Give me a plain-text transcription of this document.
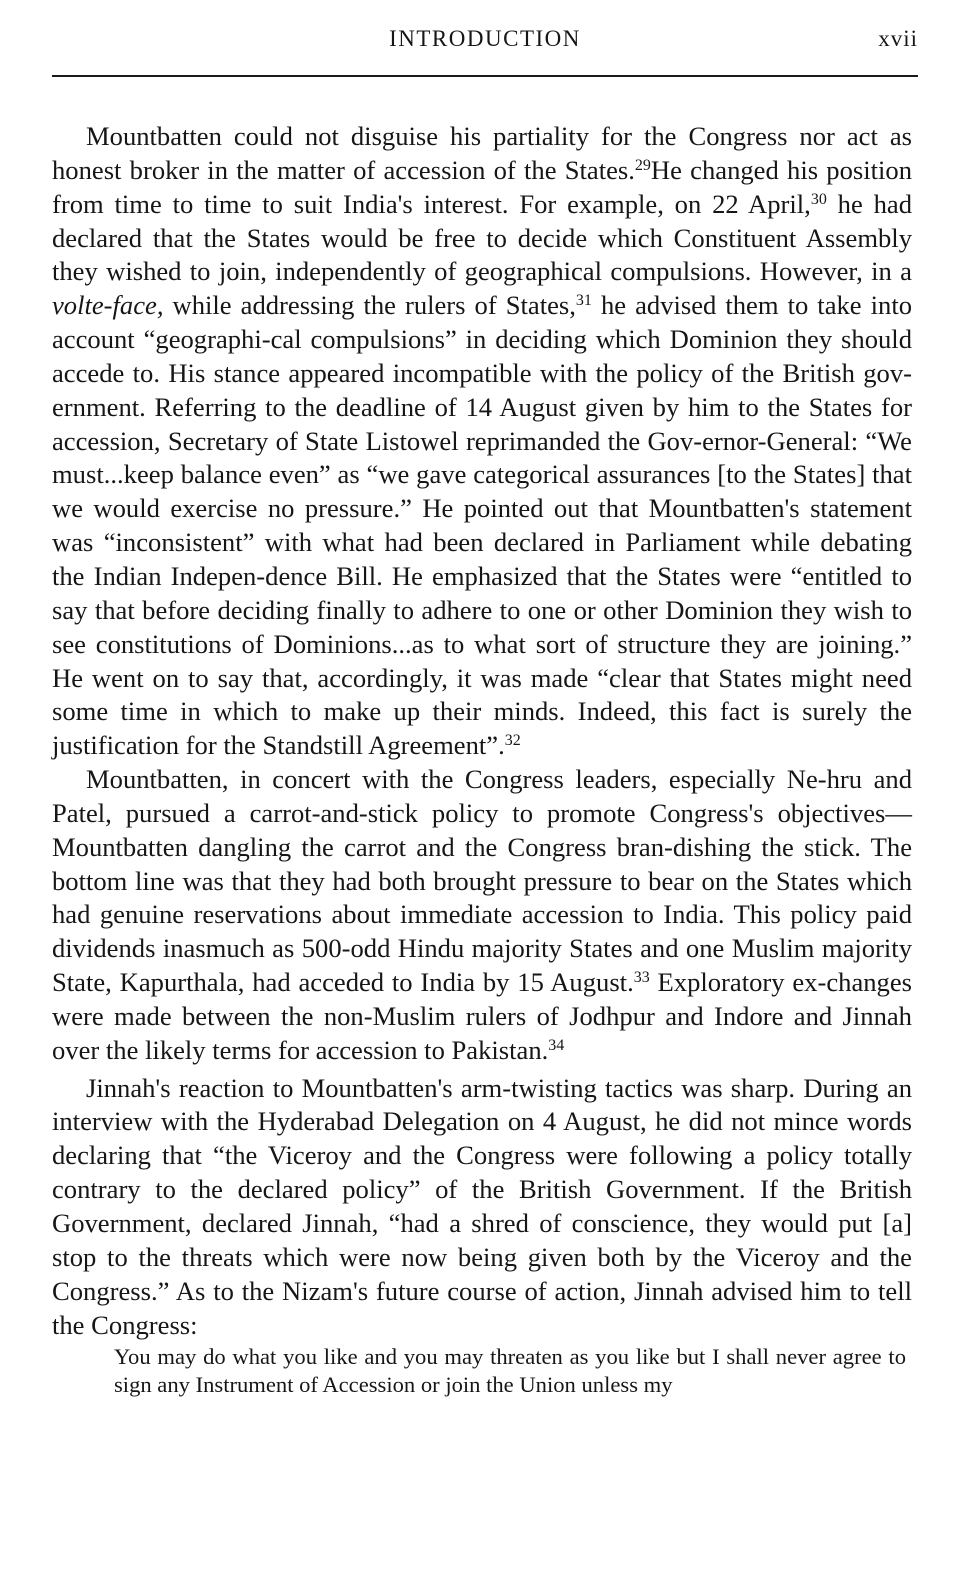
INTRODUCTION	xvii

Mountbatten could not disguise his partiality for the Congress nor act as honest broker in the matter of accession of the States.$^{29}$He changed his position from time to time to suit India's interest. For example, on 22 April,$^{30}$ he had declared that the States would be free to decide which Constituent Assembly they wished to join, independently of geographical compulsions. However, in a volte-face, while addressing the rulers of States,$^{31}$ he advised them to take into account “geographi-cal compulsions” in deciding which Dominion they should accede to. His stance appeared incompatible with the policy of the British gov-ernment. Referring to the deadline of 14 August given by him to the States for accession, Secretary of State Listowel reprimanded the Gov-ernor-General: “We must...keep balance even” as “we gave categorical assurances [to the States] that we would exercise no pressure.” He pointed out that Mountbatten's statement was “inconsistent” with what had been declared in Parliament while debating the Indian Indepen-dence Bill. He emphasized that the States were “entitled to say that before deciding finally to adhere to one or other Dominion they wish to see constitutions of Dominions...as to what sort of structure they are joining.” He went on to say that, accordingly, it was made “clear that States might need some time in which to make up their minds. Indeed, this fact is surely the justification for the Standstill Agreement”.$^{32}$

Mountbatten, in concert with the Congress leaders, especially Ne-hru and Patel, pursued a carrot-and-stick policy to promote Congress's objectives—Mountbatten dangling the carrot and the Congress bran-dishing the stick. The bottom line was that they had both brought pressure to bear on the States which had genuine reservations about immediate accession to India. This policy paid dividends inasmuch as 500-odd Hindu majority States and one Muslim majority State, Kapurthala, had acceded to India by 15 August.$^{33}$ Exploratory ex-changes were made between the non-Muslim rulers of Jodhpur and Indore and Jinnah over the likely terms for accession to Pakistan.$^{34}$

Jinnah's reaction to Mountbatten's arm-twisting tactics was sharp. During an interview with the Hyderabad Delegation on 4 August, he did not mince words declaring that “the Viceroy and the Congress were following a policy totally contrary to the declared policy” of the British Government. If the British Government, declared Jinnah, “had a shred of conscience, they would put [a] stop to the threats which were now being given both by the Viceroy and the Congress.” As to the Nizam's future course of action, Jinnah advised him to tell the Congress:

You may do what you like and you may threaten as you like but I shall never agree to sign any Instrument of Accession or join the Union unless my
